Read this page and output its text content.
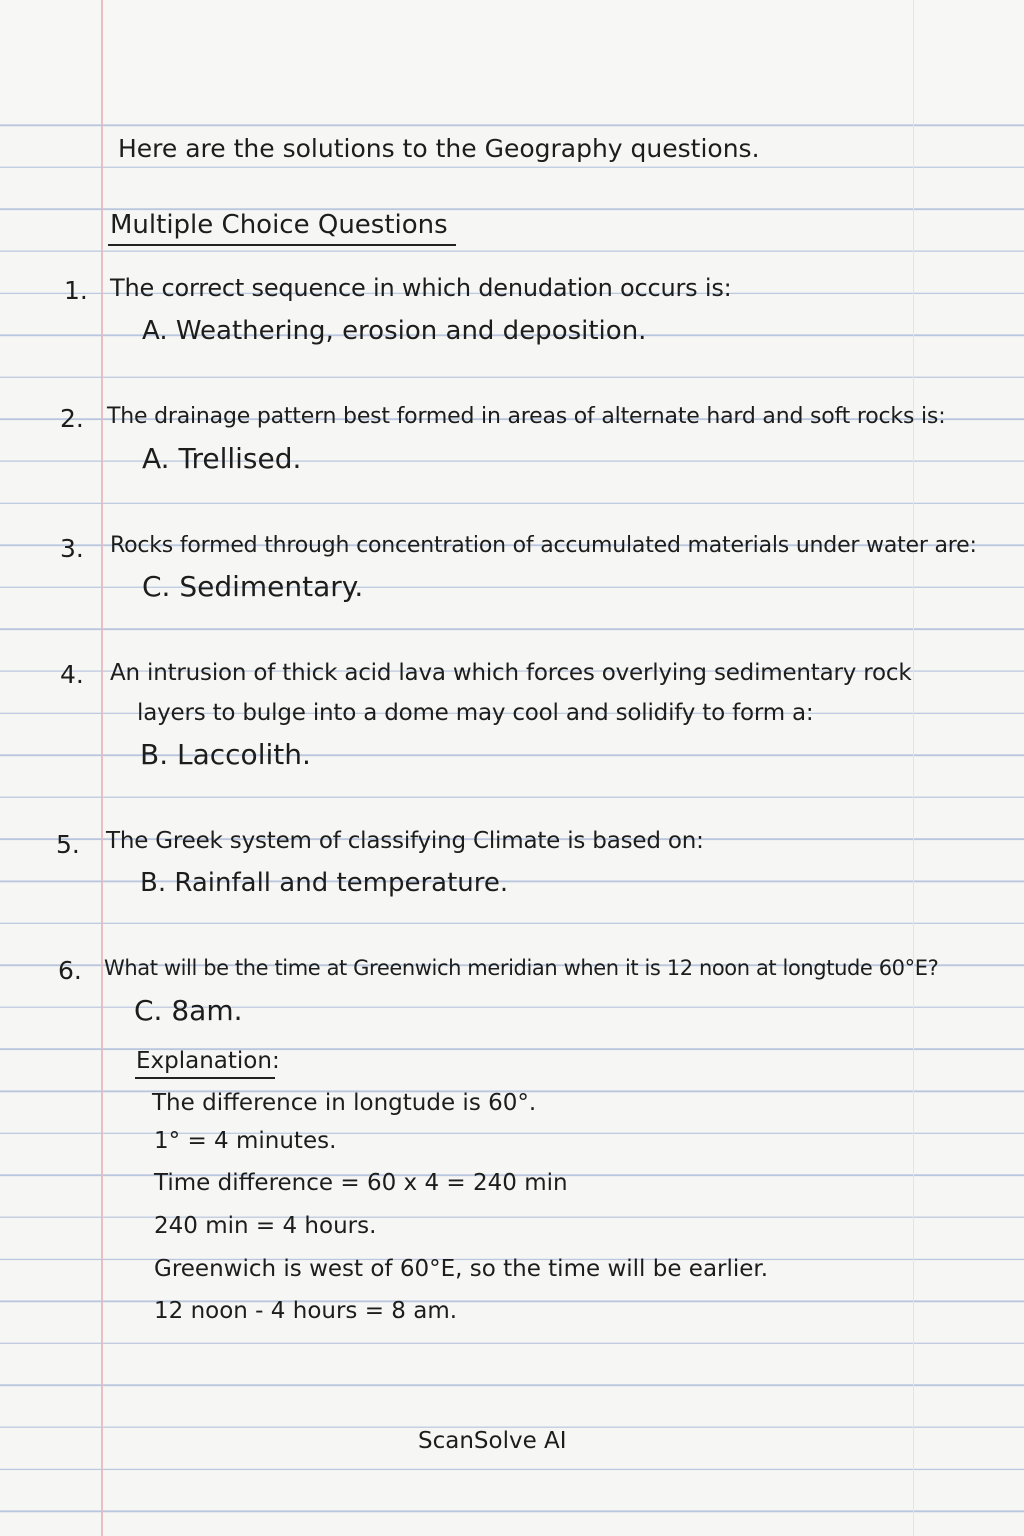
Here are the solutions to the Geography questions.
Multiple Choice Questions
1. The correct sequence in which denudation occurs is:
A. Weathering, erosion and deposition.
2. The drainage pattern best formed in areas of alternate hard and soft rocks is:
A. Trellised.
3. Rocks formed through concentration of accumulated materials under water are:
C. Sedimentary.
4. An intrusion of thick acid lava which forces overlying sedimentary rock
layers to bulge into a dome may cool and solidify to form a:
B. Laccolith.
5. The Greek system of classifying Climate is based on:
B. Rainfall and temperature.
6. What will be the time at Greenwich meridian when it is 12 noon at longtude 60°E?
C. 8am.
Explanation:
The difference in longtude is 60°.
1° = 4 minutes.
Time difference = 60 x 4 = 240 min
240 min = 4 hours.
Greenwich is west of 60°E, so the time will be earlier.
12 noon - 4 hours = 8 am.
ScanSolve AI
